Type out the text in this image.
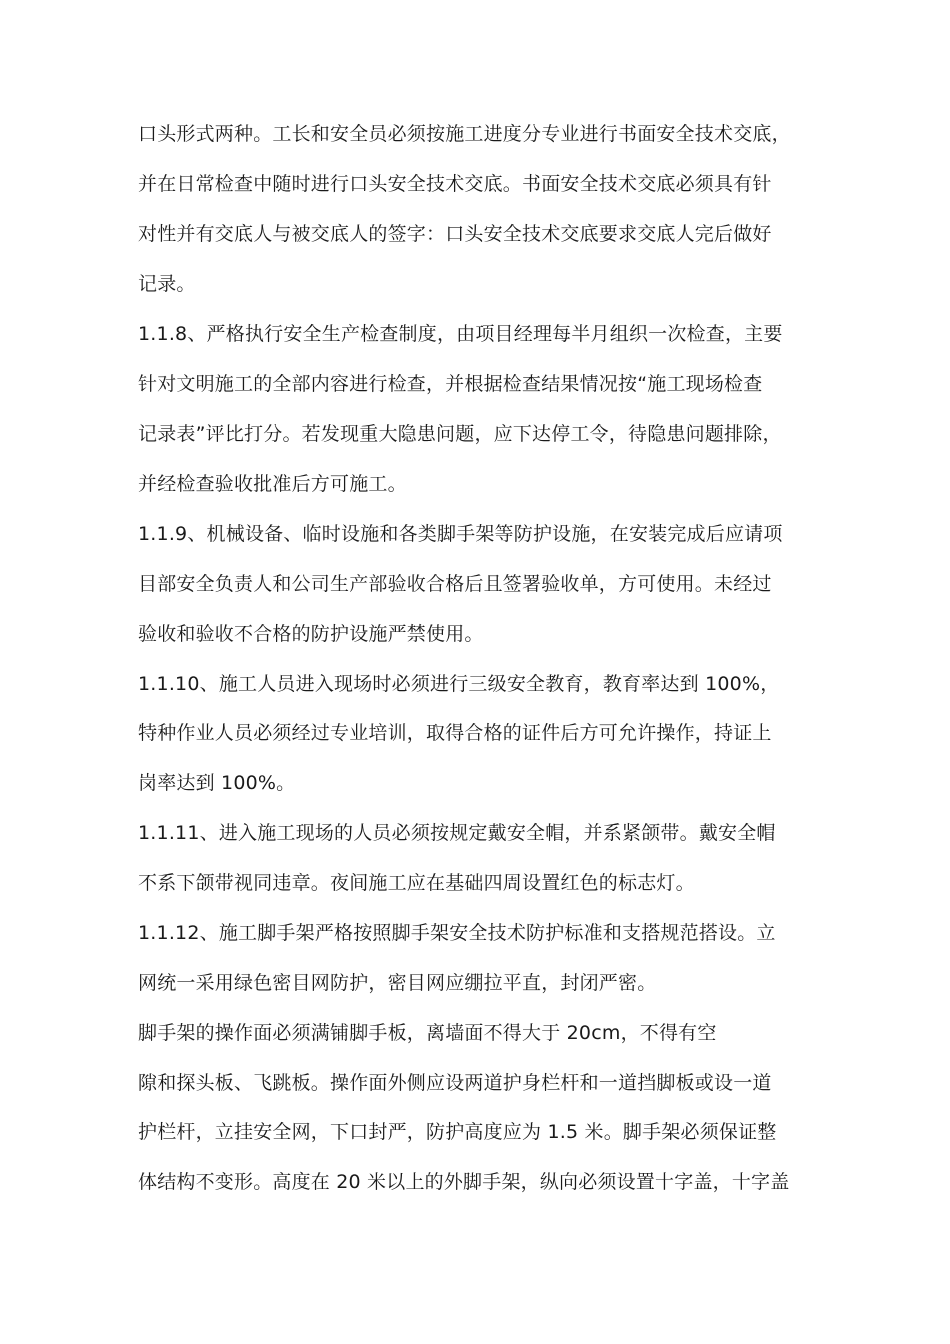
口头形式两种。工长和安全员必须按施工进度分专业进行书面安全技术交底，
并在日常检查中随时进行口头安全技术交底。书面安全技术交底必须具有针
对性并有交底人与被交底人的签字：口头安全技术交底要求交底人完后做好
记录。
1.1.8、严格执行安全生产检查制度，由项目经理每半月组织一次检查，主要
针对文明施工的全部内容进行检查，并根据检查结果情况按“施工现场检查
记录表”评比打分。若发现重大隐患问题，应下达停工令，待隐患问题排除，
并经检查验收批准后方可施工。
1.1.9、机械设备、临时设施和各类脚手架等防护设施，在安装完成后应请项
目部安全负责人和公司生产部验收合格后且签署验收单，方可使用。未经过
验收和验收不合格的防护设施严禁使用。
1.1.10、施工人员进入现场时必须进行三级安全教育，教育率达到 100%，
特种作业人员必须经过专业培训，取得合格的证件后方可允许操作，持证上
岗率达到 100%。
1.1.11、进入施工现场的人员必须按规定戴安全帽，并系紧颌带。戴安全帽
不系下颌带视同违章。夜间施工应在基础四周设置红色的标志灯。
1.1.12、施工脚手架严格按照脚手架安全技术防护标准和支搭规范搭设。立
网统一采用绿色密目网防护，密目网应绷拉平直，封闭严密。
脚手架的操作面必须满铺脚手板，离墙面不得大于 20cm，不得有空
隙和探头板、飞跳板。操作面外侧应设两道护身栏杆和一道挡脚板或设一道
护栏杆，立挂安全网，下口封严，防护高度应为 1.5 米。脚手架必须保证整
体结构不变形。高度在 20 米以上的外脚手架，纵向必须设置十字盖，十字盖
